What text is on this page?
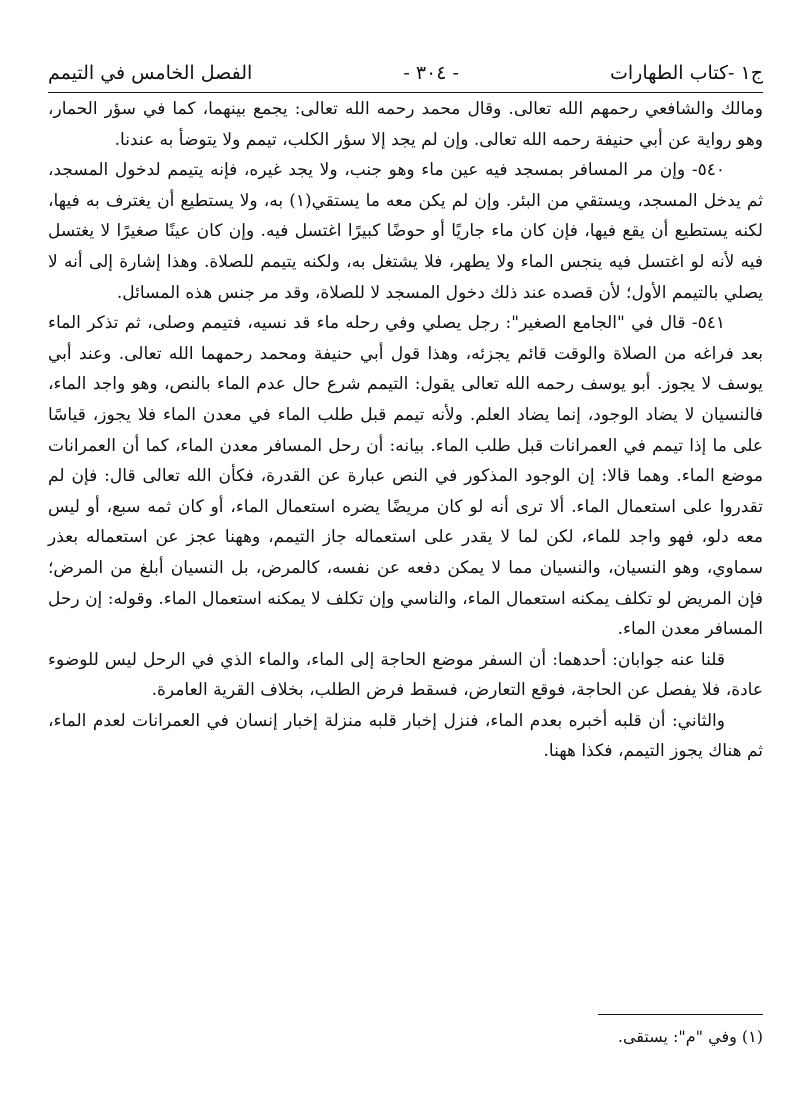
ج١ -كتاب الطهارات
- ٣٠٤ -
الفصل الخامس في التيمم

ومالك والشافعي رحمهم الله تعالى. وقال محمد رحمه الله تعالى: يجمع بينهما، كما في سؤر الحمار، وهو رواية عن أبي حنيفة رحمه الله تعالى. وإن لم يجد إلا سؤر الكلب، تيمم ولا يتوضأ به عندنا.

٥٤٠- وإن مر المسافر بمسجد فيه عين ماء وهو جنب، ولا يجد غيره، فإنه يتيمم لدخول المسجد، ثم يدخل المسجد، ويستقي من البئر. وإن لم يكن معه ما يستقي(١) به، ولا يستطيع أن يغترف به فيها، لكنه يستطيع أن يقع فيها، فإن كان ماء جاريًا أو حوضًا كبيرًا اغتسل فيه. وإن كان عينًا صغيرًا لا يغتسل فيه لأنه لو اغتسل فيه ينجس الماء ولا يطهر، فلا يشتغل به، ولكنه يتيمم للصلاة. وهذا إشارة إلى أنه لا يصلي بالتيمم الأول؛ لأن قصده عند ذلك دخول المسجد لا للصلاة، وقد مر جنس هذه المسائل.

٥٤١- قال في "الجامع الصغير": رجل يصلي وفي رحله ماء قد نسيه، فتيمم وصلى، ثم تذكر الماء بعد فراغه من الصلاة والوقت قائم يجزئه، وهذا قول أبي حنيفة ومحمد رحمهما الله تعالى. وعند أبي يوسف لا يجوز. أبو يوسف رحمه الله تعالى يقول: التيمم شرع حال عدم الماء بالنص، وهو واجد الماء، فالنسيان لا يضاد الوجود، إنما يضاد العلم. ولأنه تيمم قبل طلب الماء في معدن الماء فلا يجوز، قياسًا على ما إذا تيمم في العمرانات قبل طلب الماء. بيانه: أن رحل المسافر معدن الماء، كما أن العمرانات موضع الماء. وهما قالا: إن الوجود المذكور في النص عبارة عن القدرة، فكأن الله تعالى قال: فإن لم تقدروا على استعمال الماء. ألا ترى أنه لو كان مريضًا يضره استعمال الماء، أو كان ثمه سبع، أو ليس معه دلو، فهو واجد للماء، لكن لما لا يقدر على استعماله جاز التيمم، وههنا عجز عن استعماله بعذر سماوي، وهو النسيان، والنسيان مما لا يمكن دفعه عن نفسه، كالمرض، بل النسيان أبلغ من المرض؛ فإن المريض لو تكلف يمكنه استعمال الماء، والناسي وإن تكلف لا يمكنه استعمال الماء. وقوله: إن رحل المسافر معدن الماء.

قلنا عنه جوابان: أحدهما: أن السفر موضع الحاجة إلى الماء، والماء الذي في الرحل ليس للوضوء عادة، فلا يفصل عن الحاجة، فوقع التعارض، فسقط فرض الطلب، بخلاف القرية العامرة.

والثاني: أن قلبه أخبره بعدم الماء، فنزل إخبار قلبه منزلة إخبار إنسان في العمرانات لعدم الماء، ثم هناك يجوز التيمم، فكذا ههنا.

(١) وفي "م": يستقى.
